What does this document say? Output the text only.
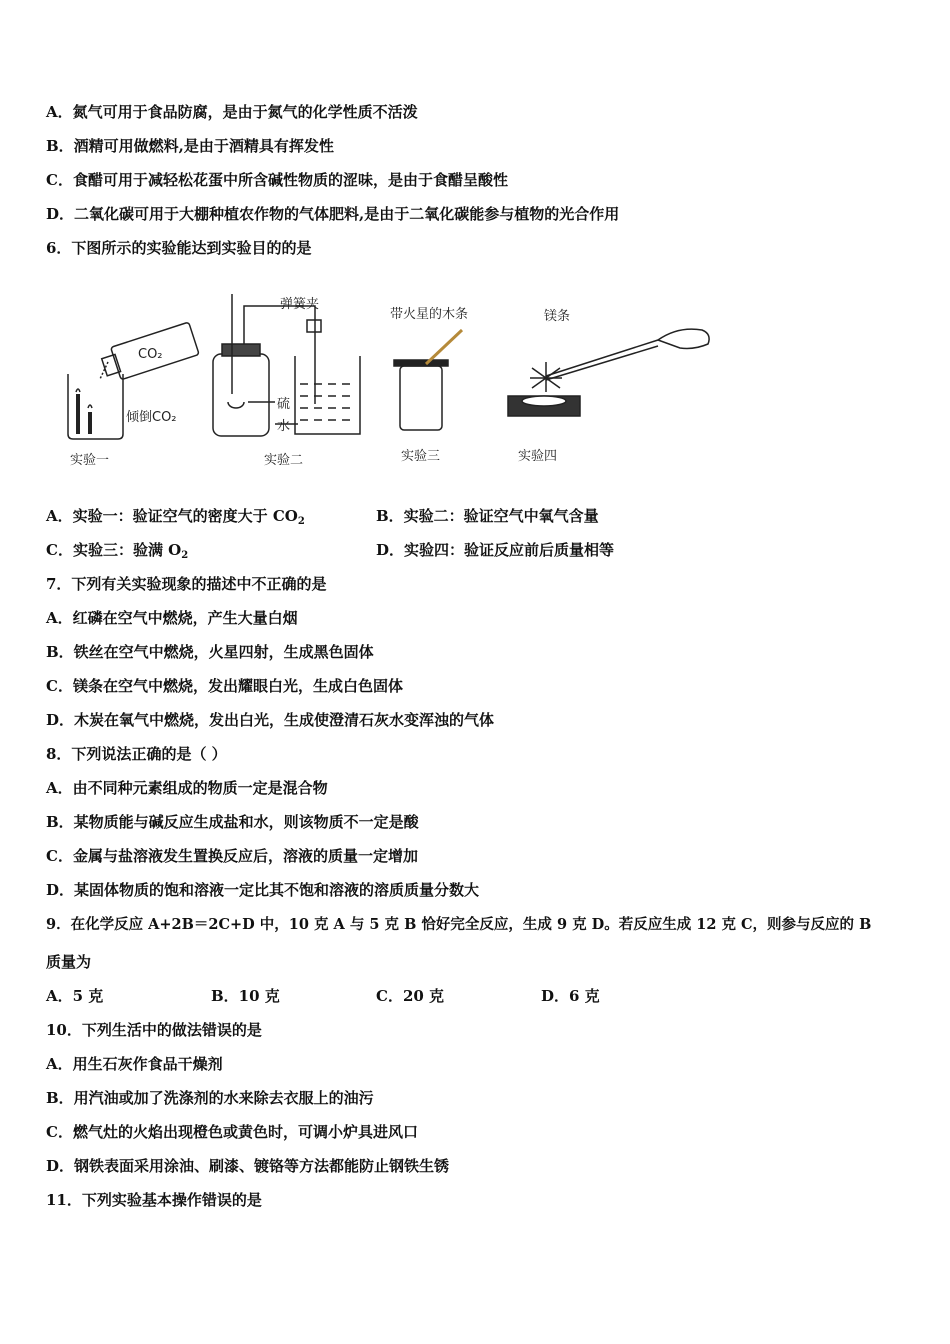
A．氮气可用于食品防腐，是由于氮气的化学性质不活泼
B．酒精可用做燃料,是由于酒精具有挥发性
C．食醋可用于减轻松花蛋中所含碱性物质的涩味，是由于食醋呈酸性
D．二氧化碳可用于大棚种植农作物的气体肥料,是由于二氧化碳能参与植物的光合作用
6．下图所示的实验能达到实验目的的是
CO₂
倾倒CO₂
实验一
弹簧夹
硫
水
实验二
带火星的木条
实验三
镁条
实验四
A．实验一：验证空气的密度大于 $CO_2$	B．实验二：验证空气中氧气含量
C．实验三：验满 $O_2$	D．实验四：验证反应前后质量相等
7．下列有关实验现象的描述中不正确的是
A．红磷在空气中燃烧，产生大量白烟
B．铁丝在空气中燃烧，火星四射，生成黑色固体
C．镁条在空气中燃烧，发出耀眼白光，生成白色固体
D．木炭在氧气中燃烧，发出白光，生成使澄清石灰水变浑浊的气体
8．下列说法正确的是（ ）
A．由不同种元素组成的物质一定是混合物
B．某物质能与碱反应生成盐和水，则该物质不一定是酸
C．金属与盐溶液发生置换反应后，溶液的质量一定增加
D．某固体物质的饱和溶液一定比其不饱和溶液的溶质质量分数大
9．在化学反应 A+2B＝2C+D 中，10 克 A 与 5 克 B 恰好完全反应，生成 9 克 D。若反应生成 12 克 C，则参与反应的 B
质量为
A．5 克	B．10 克	C．20 克	D．6 克
10．下列生活中的做法错误的是
A．用生石灰作食品干燥剂
B．用汽油或加了洗涤剂的水来除去衣服上的油污
C．燃气灶的火焰出现橙色或黄色时，可调小炉具进风口
D．钢铁表面采用涂油、刷漆、镀铬等方法都能防止钢铁生锈
11．下列实验基本操作错误的是
